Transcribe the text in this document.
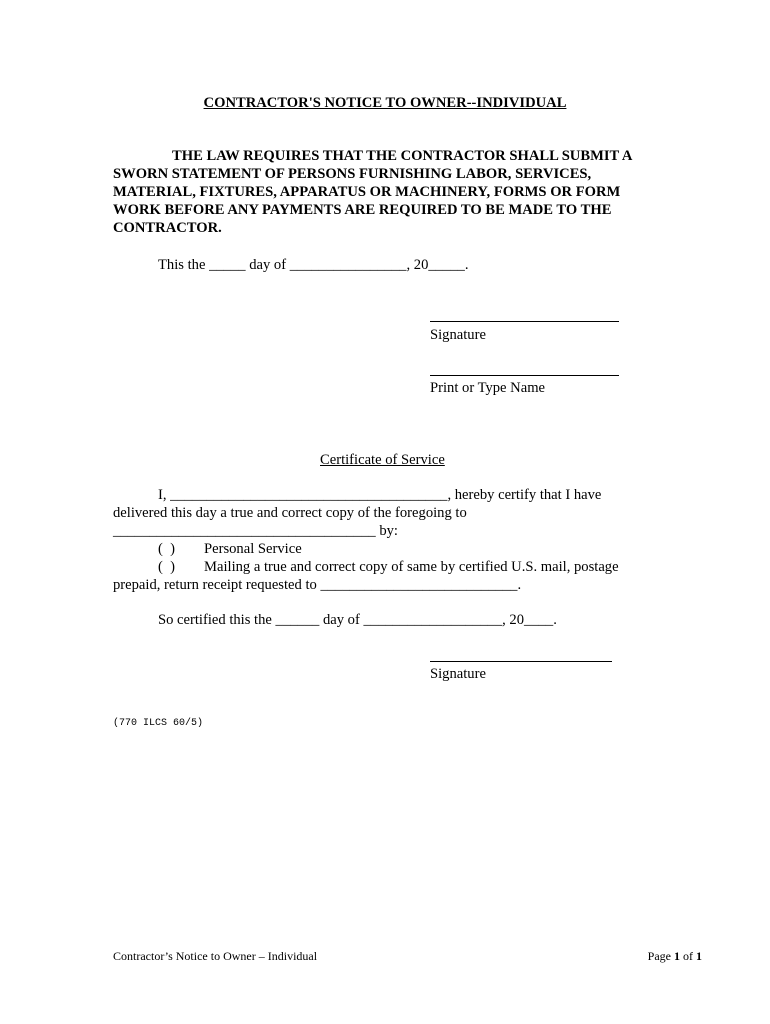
CONTRACTOR'S NOTICE TO OWNER--INDIVIDUAL
THE LAW REQUIRES THAT THE CONTRACTOR SHALL SUBMIT A
SWORN STATEMENT OF PERSONS FURNISHING LABOR, SERVICES,
MATERIAL, FIXTURES, APPARATUS OR MACHINERY, FORMS OR FORM
WORK BEFORE ANY PAYMENTS ARE REQUIRED TO BE MADE TO THE
CONTRACTOR.
This the _____ day of ________________, 20_____.
Signature
Print or Type Name
Certificate of Service
I, ______________________________________, hereby certify that I have
delivered this day a true and correct copy of the foregoing to
____________________________________ by:
(  ) Personal Service
(  ) Mailing a true and correct copy of same by certified U.S. mail, postage
prepaid, return receipt requested to ___________________________.
So certified this the ______ day of ___________________, 20____.
Signature
(770 ILCS 60/5)
Contractor’s Notice to Owner – Individual	Page 1 of 1
